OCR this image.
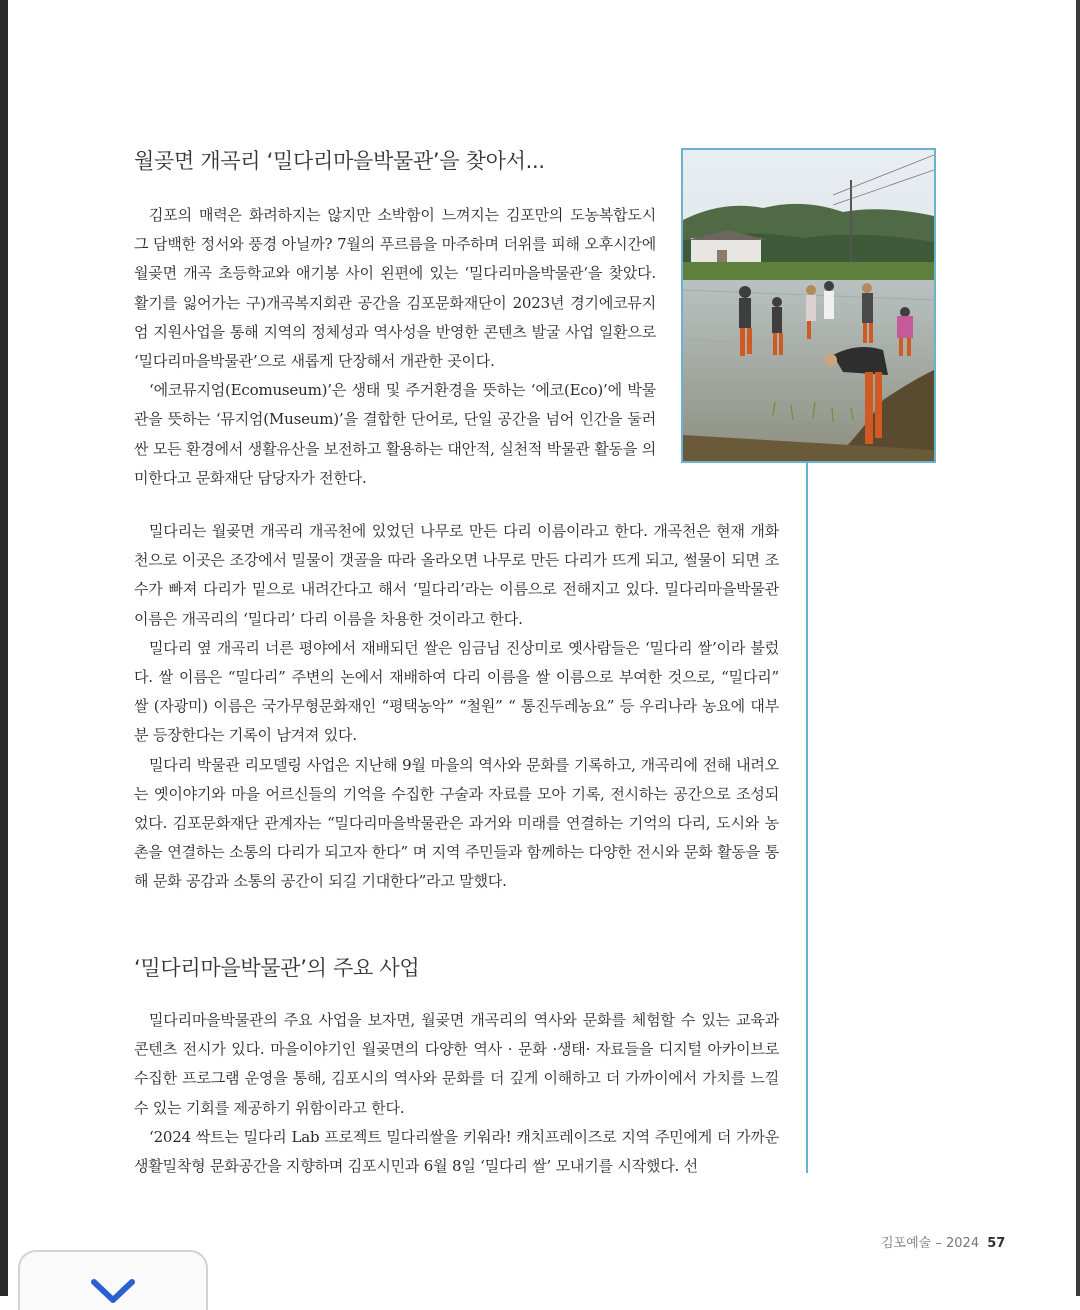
월곶면 개곡리 ‘밀다리마을박물관’을 찾아서...

김포의 매력은 화려하지는 않지만 소박함이 느껴지는 김포만의 도농복합도시 그 담백한 정서와 풍경 아닐까? 7월의 푸르름을 마주하며 더위를 피해 오후시간에 월곶면 개곡 초등학교와 애기봉 사이 왼편에 있는 ‘밀다리마을박물관’을 찾았다. 활기를 잃어가는 구)개곡복지회관 공간을 김포문화재단이 2023년 경기에코뮤지엄 지원사업을 통해 지역의 정체성과 역사성을 반영한 콘텐츠 발굴 사업 일환으로 ‘밀다리마을박물관’으로 새롭게 단장해서 개관한 곳이다.

‘에코뮤지엄(Ecomuseum)’은 생태 및 주거환경을 뜻하는 ‘에코(Eco)’에 박물관을 뜻하는 ‘뮤지엄(Museum)’을 결합한 단어로, 단일 공간을 넘어 인간을 둘러싼 모든 환경에서 생활유산을 보전하고 활용하는 대안적, 실천적 박물관 활동을 의미한다고 문화재단 담당자가 전한다.

밀다리는 월곶면 개곡리 개곡천에 있었던 나무로 만든 다리 이름이라고 한다. 개곡천은 현재 개화천으로 이곳은 조강에서 밀물이 갯골을 따라 올라오면 나무로 만든 다리가 뜨게 되고, 썰물이 되면 조수가 빠져 다리가 밑으로 내려간다고 해서 ‘밀다리’라는 이름으로 전해지고 있다. 밀다리마을박물관 이름은 개곡리의 ‘밀다리’ 다리 이름을 차용한 것이라고 한다.

밀다리 옆 개곡리 너른 평야에서 재배되던 쌀은 임금님 진상미로 옛사람들은 ‘밀다리 쌀’이라 불렀다. 쌀 이름은 “밀다리” 주변의 논에서 재배하여 다리 이름을 쌀 이름으로 부여한 것으로, “밀다리” 쌀 (자광미) 이름은 국가무형문화재인 “평택농악” “철원” “ 통진두레농요” 등 우리나라 농요에 대부분 등장한다는 기록이 남겨져 있다.

밀다리 박물관 리모델링 사업은 지난해 9월 마을의 역사와 문화를 기록하고, 개곡리에 전해 내려오는 옛이야기와 마을 어르신들의 기억을 수집한 구술과 자료를 모아 기록, 전시하는 공간으로 조성되었다. 김포문화재단 관계자는 “밀다리마을박물관은 과거와 미래를 연결하는 기억의 다리, 도시와 농촌을 연결하는 소통의 다리가 되고자 한다” 며 지역 주민들과 함께하는 다양한 전시와 문화 활동을 통해 문화 공감과 소통의 공간이 되길 기대한다”라고 말했다.

‘밀다리마을박물관’의 주요 사업

밀다리마을박물관의 주요 사업을 보자면, 월곶면 개곡리의 역사와 문화를 체험할 수 있는 교육과 콘텐츠 전시가 있다. 마을이야기인 월곶면의 다양한 역사 · 문화 ·생태· 자료들을 디지털 아카이브로 수집한 프로그램 운영을 통해, 김포시의 역사와 문화를 더 깊게 이해하고 더 가까이에서 가치를 느낄 수 있는 기회를 제공하기 위함이라고 한다.

‘2024 싹트는 밀다리 Lab 프로젝트 밀다리쌀을 키워라! 캐치프레이즈로 지역 주민에게 더 가까운 생활밀착형 문화공간을 지향하며 김포시민과 6월 8일 ‘밀다리 쌀’ 모내기를 시작했다. 선

김포예술 – 2024 57
